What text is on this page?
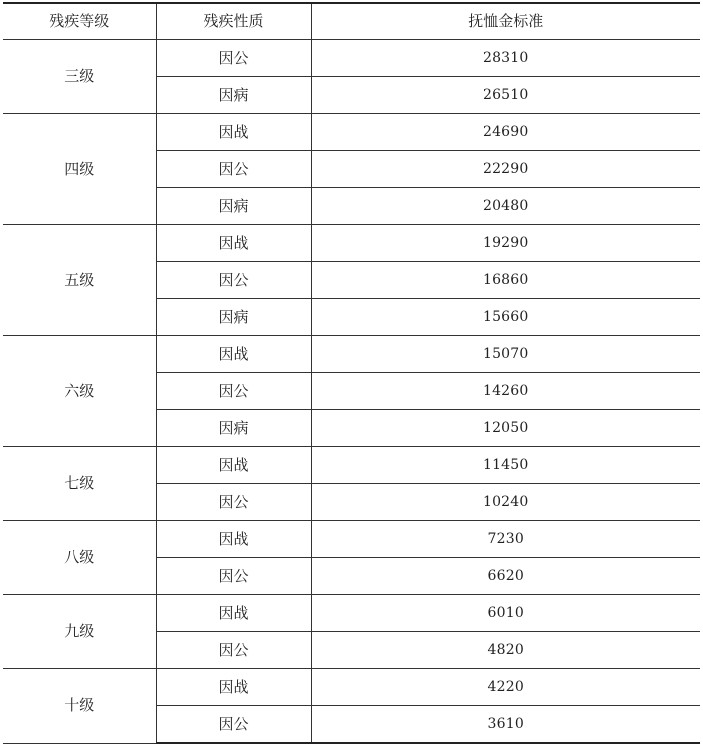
残疾等级	残疾性质	抚恤金标准
三级	因公	28310
	因病	26510
四级	因战	24690
	因公	22290
	因病	20480
五级	因战	19290
	因公	16860
	因病	15660
六级	因战	15070
	因公	14260
	因病	12050
七级	因战	11450
	因公	10240
八级	因战	7230
	因公	6620
九级	因战	6010
	因公	4820
十级	因战	4220
	因公	3610
